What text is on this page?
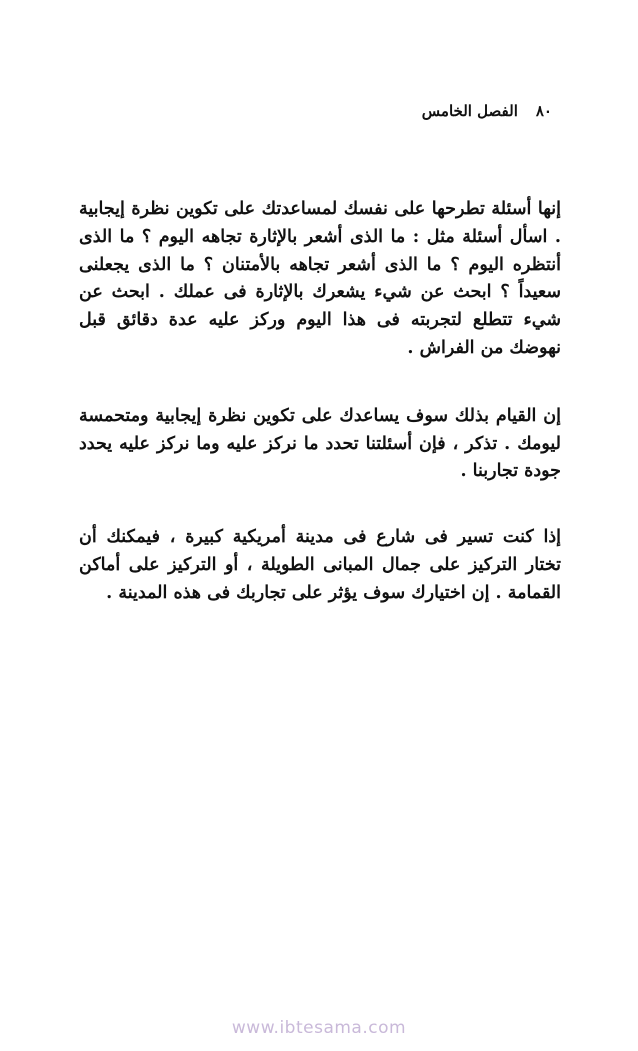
٨٠
الفصل الخامس

إنها أسئلة تطرحها على نفسك لمساعدتك على تكوين نظرة إيجابية . اسأل أسئلة مثل : ما الذى أشعر بالإثارة تجاهه اليوم ؟ ما الذى أنتظره اليوم ؟ ما الذى أشعر تجاهه بالأمتنان ؟ ما الذى يجعلنى سعيداً ؟ ابحث عن شيء يشعرك بالإثارة فى عملك . ابحث عن شيء تتطلع لتجربته فى هذا اليوم وركز عليه عدة دقائق قبل نهوضك من الفراش .

إن القيام بذلك سوف يساعدك على تكوين نظرة إيجابية ومتحمسة ليومك . تذكر ، فإن أسئلتنا تحدد ما نركز عليه وما نركز عليه يحدد جودة تجاربنا .

إذا كنت تسير فى شارع فى مدينة أمريكية كبيرة ، فيمكنك أن تختار التركيز على جمال المبانى الطويلة ، أو التركيز على أماكن القمامة . إن اختيارك سوف يؤثر على تجاربك فى هذه المدينة .

www.ibtesama.com
